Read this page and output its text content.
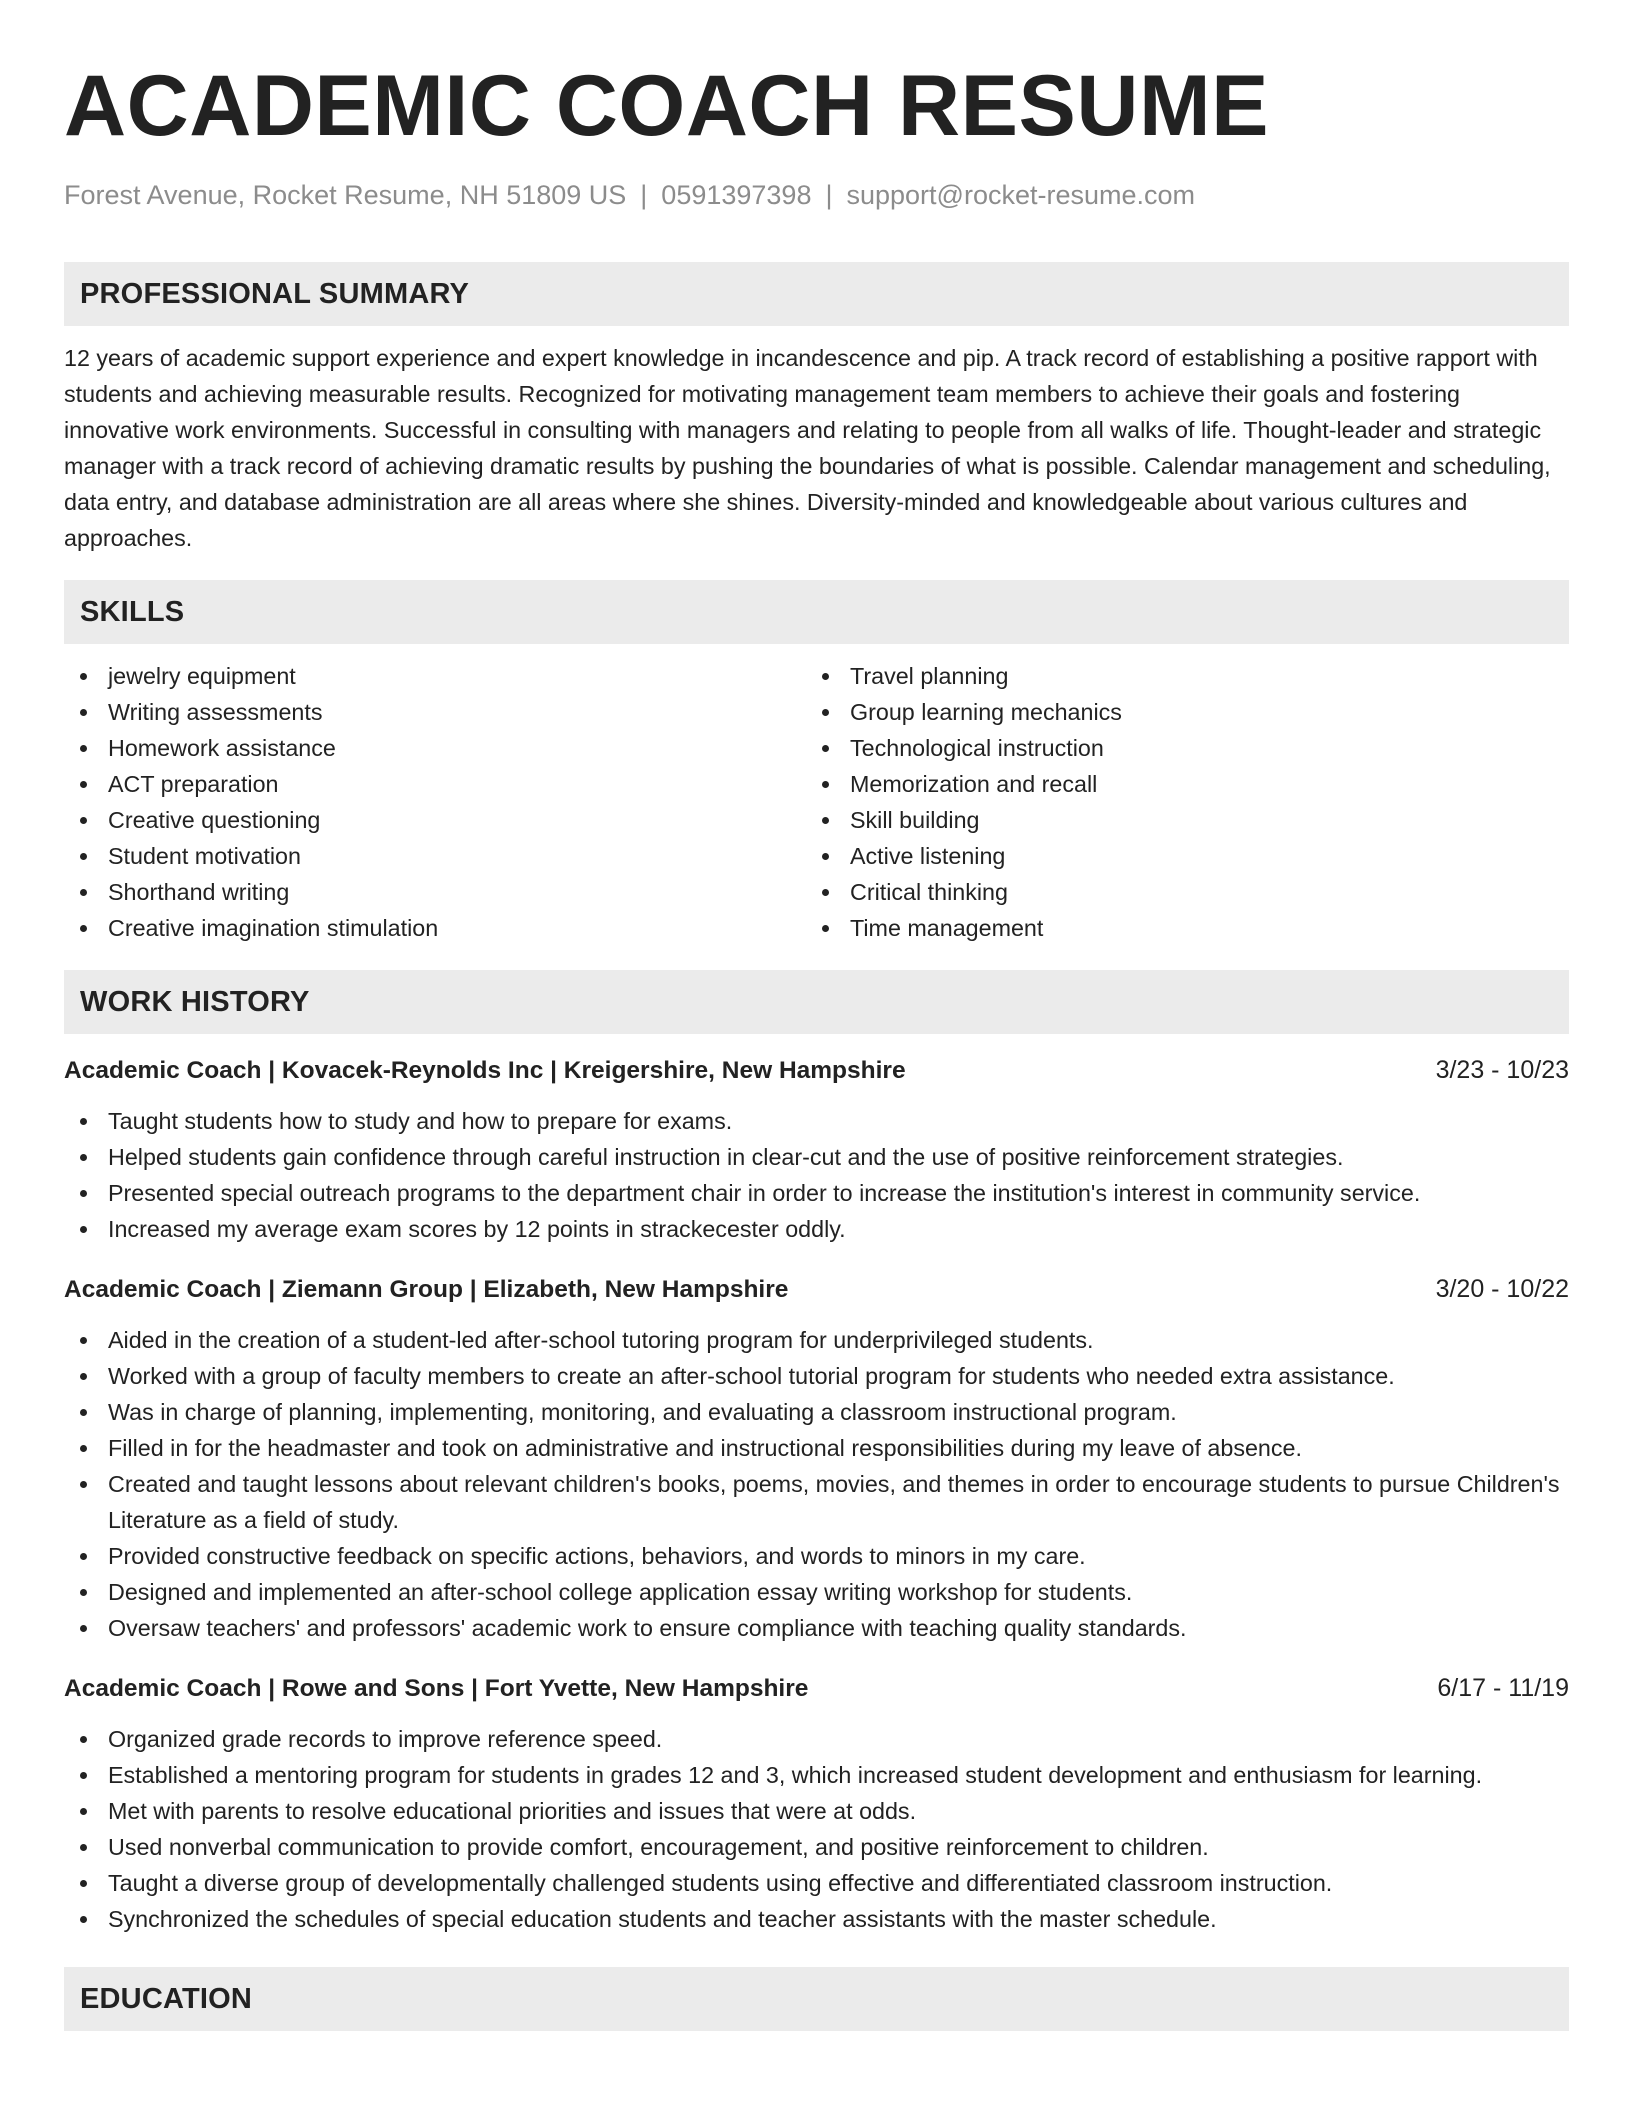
ACADEMIC COACH RESUME
Forest Avenue, Rocket Resume, NH 51809 US | 0591397398 | support@rocket-resume.com
PROFESSIONAL SUMMARY
12 years of academic support experience and expert knowledge in incandescence and pip. A track record of establishing a positive rapport with students and achieving measurable results. Recognized for motivating management team members to achieve their goals and fostering innovative work environments. Successful in consulting with managers and relating to people from all walks of life. Thought-leader and strategic manager with a track record of achieving dramatic results by pushing the boundaries of what is possible. Calendar management and scheduling, data entry, and database administration are all areas where she shines. Diversity-minded and knowledgeable about various cultures and approaches.
SKILLS
jewelry equipment
Writing assessments
Homework assistance
ACT preparation
Creative questioning
Student motivation
Shorthand writing
Creative imagination stimulation
Travel planning
Group learning mechanics
Technological instruction
Memorization and recall
Skill building
Active listening
Critical thinking
Time management
WORK HISTORY
Academic Coach | Kovacek-Reynolds Inc | Kreigershire, New Hampshire	3/23 - 10/23
Taught students how to study and how to prepare for exams.
Helped students gain confidence through careful instruction in clear-cut and the use of positive reinforcement strategies.
Presented special outreach programs to the department chair in order to increase the institution's interest in community service.
Increased my average exam scores by 12 points in strackecester oddly.
Academic Coach | Ziemann Group | Elizabeth, New Hampshire	3/20 - 10/22
Aided in the creation of a student-led after-school tutoring program for underprivileged students.
Worked with a group of faculty members to create an after-school tutorial program for students who needed extra assistance.
Was in charge of planning, implementing, monitoring, and evaluating a classroom instructional program.
Filled in for the headmaster and took on administrative and instructional responsibilities during my leave of absence.
Created and taught lessons about relevant children's books, poems, movies, and themes in order to encourage students to pursue Children's Literature as a field of study.
Provided constructive feedback on specific actions, behaviors, and words to minors in my care.
Designed and implemented an after-school college application essay writing workshop for students.
Oversaw teachers' and professors' academic work to ensure compliance with teaching quality standards.
Academic Coach | Rowe and Sons | Fort Yvette, New Hampshire	6/17 - 11/19
Organized grade records to improve reference speed.
Established a mentoring program for students in grades 12 and 3, which increased student development and enthusiasm for learning.
Met with parents to resolve educational priorities and issues that were at odds.
Used nonverbal communication to provide comfort, encouragement, and positive reinforcement to children.
Taught a diverse group of developmentally challenged students using effective and differentiated classroom instruction.
Synchronized the schedules of special education students and teacher assistants with the master schedule.
EDUCATION
